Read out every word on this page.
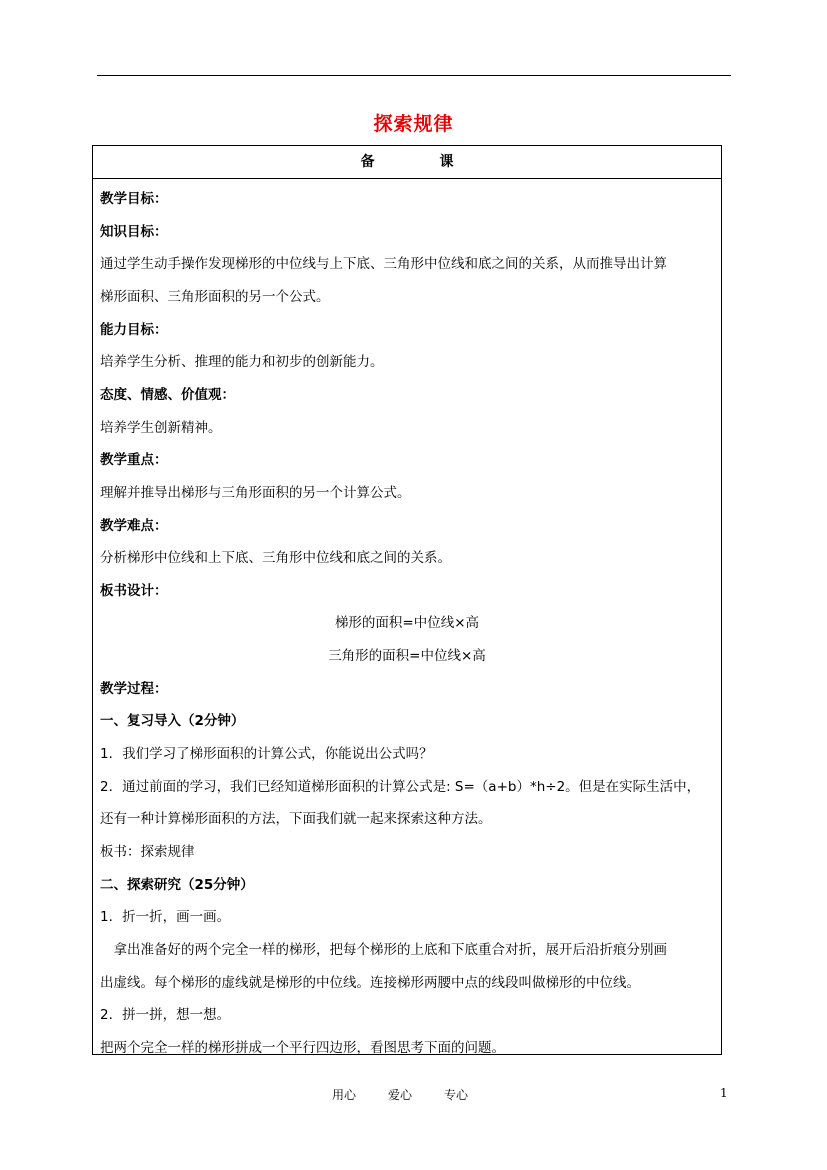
探索规律
备	课
教学目标：
知识目标：
通过学生动手操作发现梯形的中位线与上下底、三角形中位线和底之间的关系，从而推导出计算
梯形面积、三角形面积的另一个公式。
能力目标：
培养学生分析、推理的能力和初步的创新能力。
态度、情感、价值观：
培养学生创新精神。
教学重点：
理解并推导出梯形与三角形面积的另一个计算公式。
教学难点：
分析梯形中位线和上下底、三角形中位线和底之间的关系。
板书设计：
梯形的面积=中位线×高
三角形的面积=中位线×高
教学过程：
一、复习导入（2分钟）
1．我们学习了梯形面积的计算公式，你能说出公式吗？
2．通过前面的学习，我们已经知道梯形面积的计算公式是: S=（a+b）*h÷2。但是在实际生活中，
还有一种计算梯形面积的方法，下面我们就一起来探索这种方法。
板书：探索规律
二、探索研究（25分钟）
1．折一折，画一画。
　拿出准备好的两个完全一样的梯形，把每个梯形的上底和下底重合对折，展开后沿折痕分别画
出虚线。每个梯形的虚线就是梯形的中位线。连接梯形两腰中点的线段叫做梯形的中位线。
2．拼一拼，想一想。
把两个完全一样的梯形拼成一个平行四边形，看图思考下面的问题。
用心	爱心	专心	1
